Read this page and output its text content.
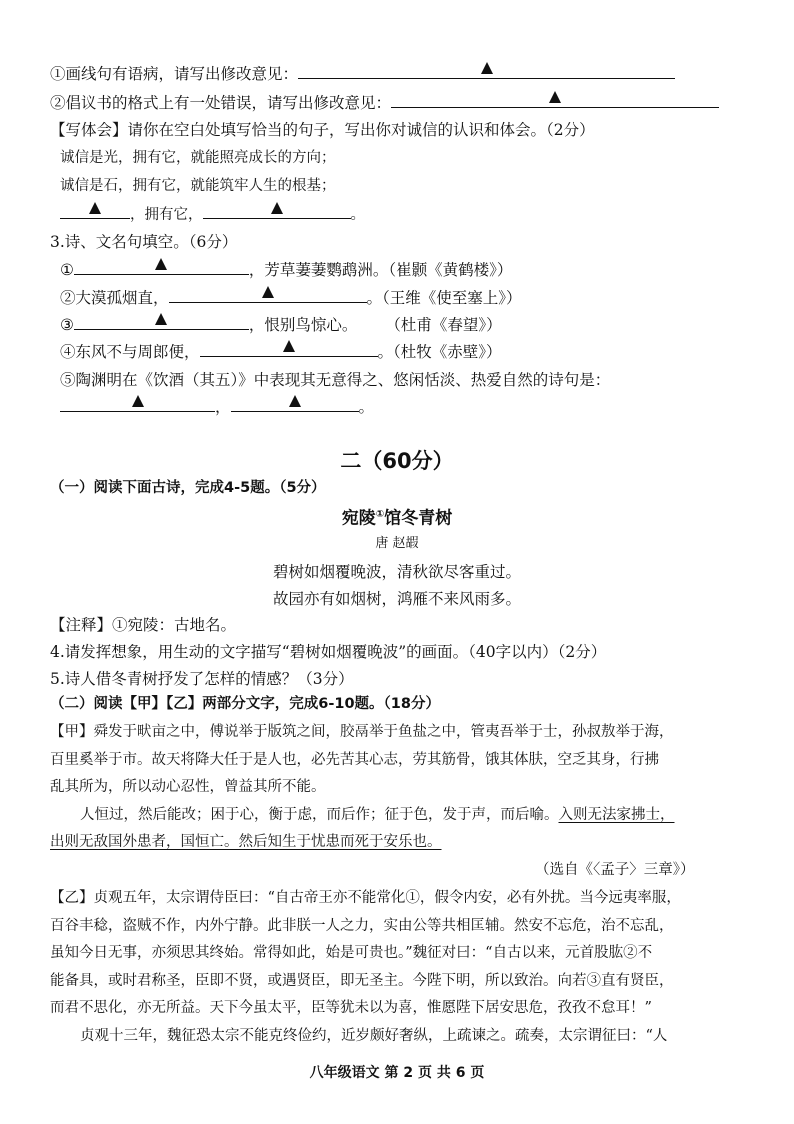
①画线句有语病，请写出修改意见：
②倡议书的格式上有一处错误，请写出修改意见：
【写体会】请你在空白处填写恰当的句子，写出你对诚信的认识和体会。（2分）
诚信是光，拥有它，就能照亮成长的方向；
诚信是石，拥有它，就能筑牢人生的根基；
，拥有它，	。
3.诗、文名句填空。（6分）
①	，芳草萋萋鹦鹉洲。（崔颢《黄鹤楼》）
②大漠孤烟直，	。（王维《使至塞上》）
③	，恨别鸟惊心。 （杜甫《春望》）
④东风不与周郎便，	。（杜牧《赤壁》）
⑤陶渊明在《饮酒（其五）》中表现其无意得之、悠闲恬淡、热爱自然的诗句是：
，	。
二（60分）
（一）阅读下面古诗，完成4-5题。（5分）
宛陵①馆冬青树
唐 赵嘏
碧树如烟覆晚波，清秋欲尽客重过。
故园亦有如烟树，鸿雁不来风雨多。
【注释】①宛陵：古地名。
4.请发挥想象，用生动的文字描写“碧树如烟覆晚波”的画面。（40字以内）（2分）
5.诗人借冬青树抒发了怎样的情感？（3分）
（二）阅读【甲】【乙】两部分文字，完成6-10题。（18分）
【甲】舜发于畎亩之中，傅说举于版筑之间，胶鬲举于鱼盐之中，管夷吾举于士，孙叔敖举于海，
百里奚举于市。故天将降大任于是人也，必先苦其心志，劳其筋骨，饿其体肤，空乏其身，行拂
乱其所为，所以动心忍性，曾益其所不能。
人恒过，然后能改；困于心，衡于虑，而后作；征于色，发于声，而后喻。入则无法家拂士，
出则无敌国外患者，国恒亡。然后知生于忧患而死于安乐也。
（选自《〈孟子〉三章》）
【乙】贞观五年，太宗谓侍臣曰：“自古帝王亦不能常化①，假令内安，必有外扰。当今远夷率服，
百谷丰稔，盗贼不作，内外宁静。此非朕一人之力，实由公等共相匡辅。然安不忘危，治不忘乱，
虽知今日无事，亦须思其终始。常得如此，始是可贵也。”魏征对曰：“自古以来，元首股肱②不
能备具，或时君称圣，臣即不贤，或遇贤臣，即无圣主。今陛下明，所以致治。向若③直有贤臣，
而君不思化，亦无所益。天下今虽太平，臣等犹未以为喜，惟愿陛下居安思危，孜孜不怠耳！”
贞观十三年，魏征恐太宗不能克终俭约，近岁颇好奢纵，上疏谏之。疏奏，太宗谓征曰：“人
八年级语文 第 2 页 共 6 页
